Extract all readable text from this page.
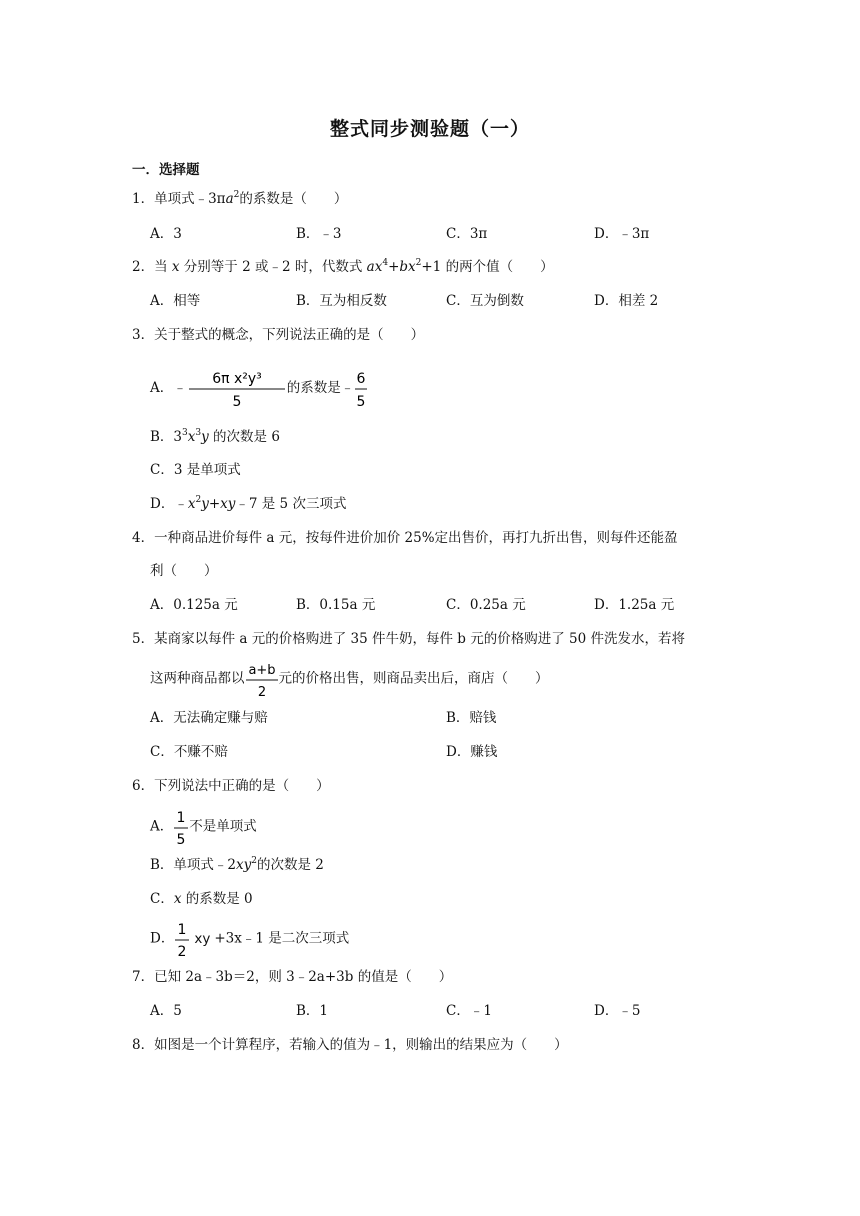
整式同步测验题（一）
一．选择题
1．单项式$﹣3\pi a^2$的系数是（　　）
A．3	B．﹣3	C．3π	D．﹣3π
2．当 x 分别等于 2 或﹣2 时，代数式 $ax^4+bx^2+1$ 的两个值（　　）
A．相等	B．互为相反数	C．互为倒数	D．相差 2
3．关于整式的概念，下列说法正确的是（　　）
A．﹣
6π x²y³
5
的系数是﹣
6
5
B．$3^3x^3y$ 的次数是 6
C．3 是单项式
D．$﹣x^2y+xy﹣7$ 是 5 次三项式
4．一种商品进价每件 a 元，按每件进价加价 25%定出售价，再打九折出售，则每件还能盈
利（　　）
A．0.125a 元	B．0.15a 元	C．0.25a 元	D．1.25a 元
5．某商家以每件 a 元的价格购进了 35 件牛奶，每件 b 元的价格购进了 50 件洗发水，若将
这两种商品都以
a+b
2
元的价格出售，则商品卖出后，商店（　　）
A．无法确定赚与赔	B．赔钱
C．不赚不赔	D．赚钱
6．下列说法中正确的是（　　）
A．
1
5
不是单项式
B．单项式$﹣2xy^2$的次数是 2
C．x 的系数是 0
D．
1
2
xy +3x﹣1 是二次三项式
7．已知 2a﹣3b＝2，则 3﹣2a+3b 的值是（　　）
A．5	B．1	C．﹣1	D．﹣5
8．如图是一个计算程序，若输入的值为﹣1，则输出的结果应为（　　）
